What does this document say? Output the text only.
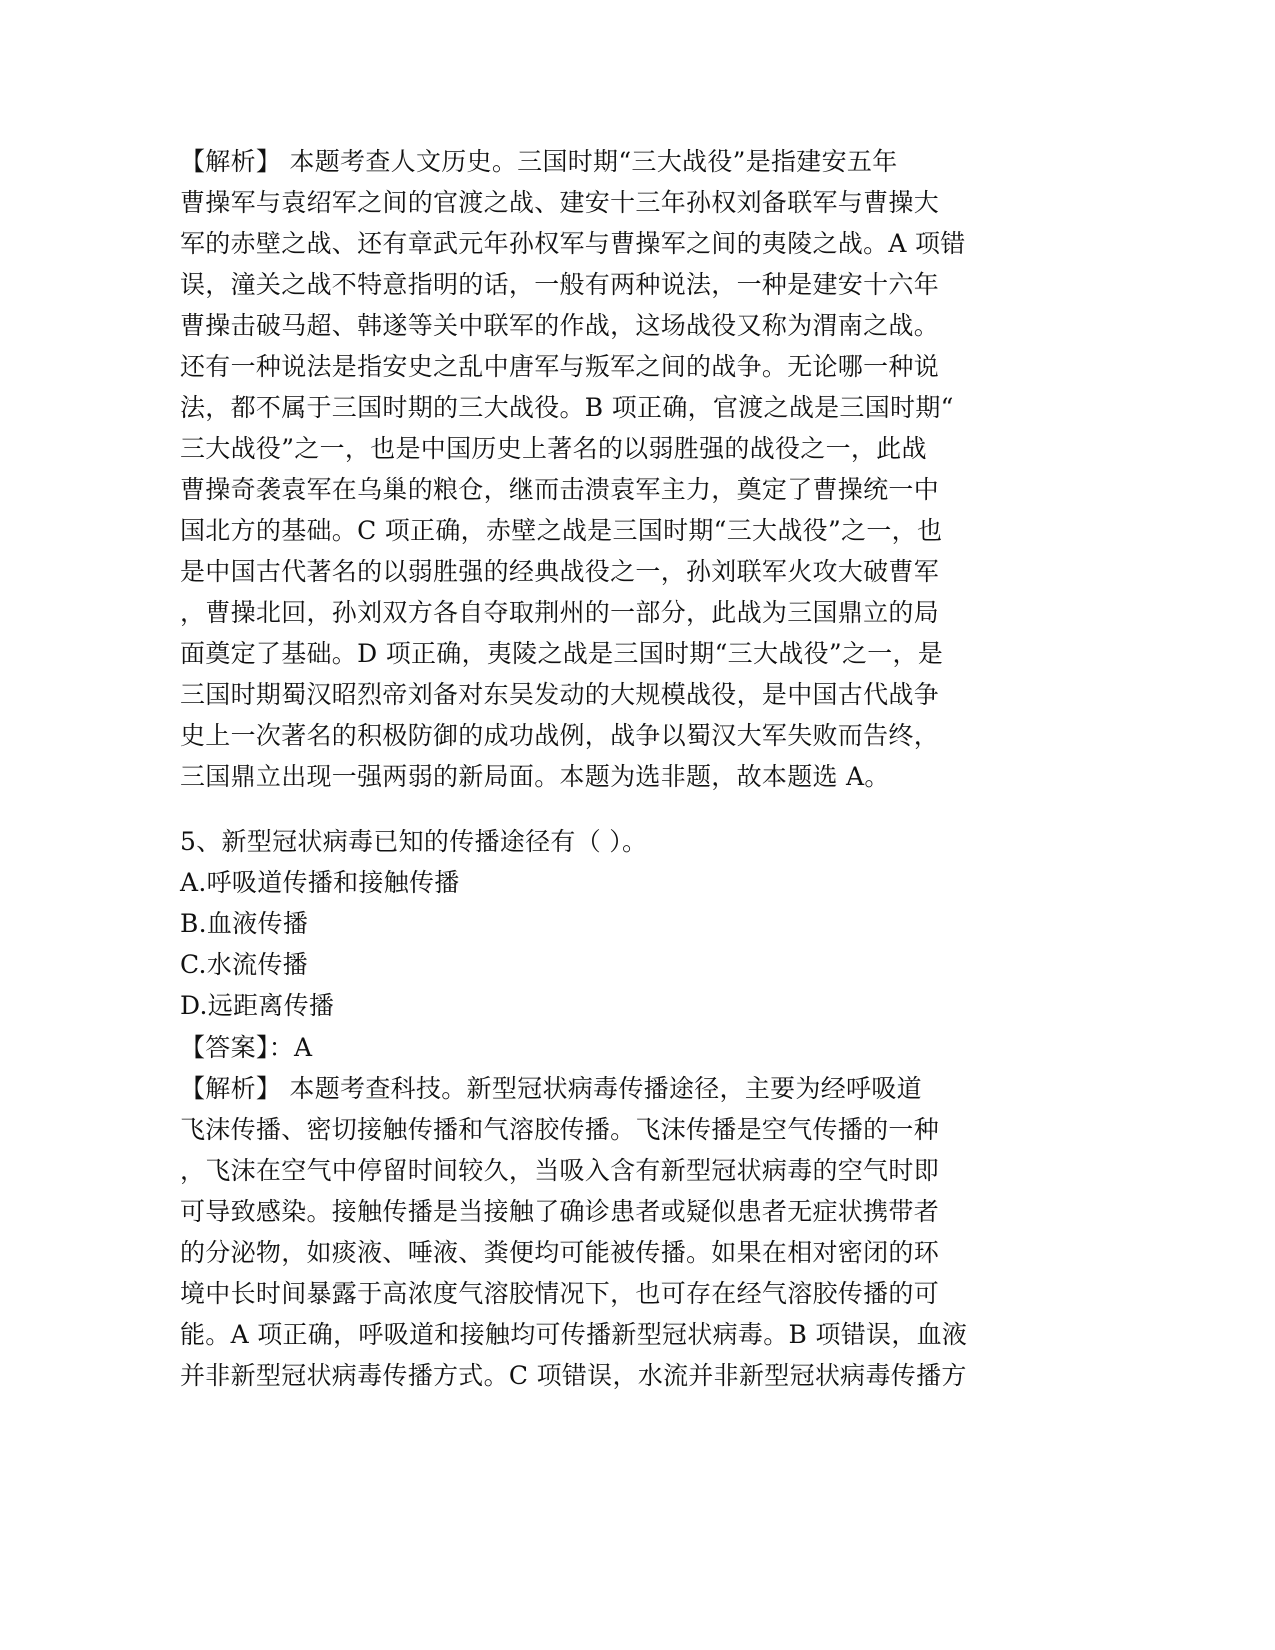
【解析】 本题考查人文历史。三国时期“三大战役”是指建安五年
曹操军与袁绍军之间的官渡之战、建安十三年孙权刘备联军与曹操大
军的赤壁之战、还有章武元年孙权军与曹操军之间的夷陵之战。A 项错
误，潼关之战不特意指明的话，一般有两种说法，一种是建安十六年
曹操击破马超、韩遂等关中联军的作战，这场战役又称为渭南之战。
还有一种说法是指安史之乱中唐军与叛军之间的战争。无论哪一种说
法，都不属于三国时期的三大战役。B 项正确，官渡之战是三国时期“
三大战役”之一，也是中国历史上著名的以弱胜强的战役之一，此战
曹操奇袭袁军在乌巢的粮仓，继而击溃袁军主力，奠定了曹操统一中
国北方的基础。C 项正确，赤壁之战是三国时期“三大战役”之一，也
是中国古代著名的以弱胜强的经典战役之一，孙刘联军火攻大破曹军
，曹操北回，孙刘双方各自夺取荆州的一部分，此战为三国鼎立的局
面奠定了基础。D 项正确，夷陵之战是三国时期“三大战役”之一，是
三国时期蜀汉昭烈帝刘备对东吴发动的大规模战役，是中国古代战争
史上一次著名的积极防御的成功战例，战争以蜀汉大军失败而告终，
三国鼎立出现一强两弱的新局面。本题为选非题，故本题选 A。
5、新型冠状病毒已知的传播途径有（ ）。
A.呼吸道传播和接触传播
B.血液传播
C.水流传播
D.远距离传播
【答案】：A
【解析】 本题考查科技。新型冠状病毒传播途径，主要为经呼吸道
飞沫传播、密切接触传播和气溶胶传播。飞沫传播是空气传播的一种
，飞沫在空气中停留时间较久，当吸入含有新型冠状病毒的空气时即
可导致感染。接触传播是当接触了确诊患者或疑似患者无症状携带者
的分泌物，如痰液、唾液、粪便均可能被传播。如果在相对密闭的环
境中长时间暴露于高浓度气溶胶情况下，也可存在经气溶胶传播的可
能。A 项正确，呼吸道和接触均可传播新型冠状病毒。B 项错误，血液
并非新型冠状病毒传播方式。C 项错误，水流并非新型冠状病毒传播方
